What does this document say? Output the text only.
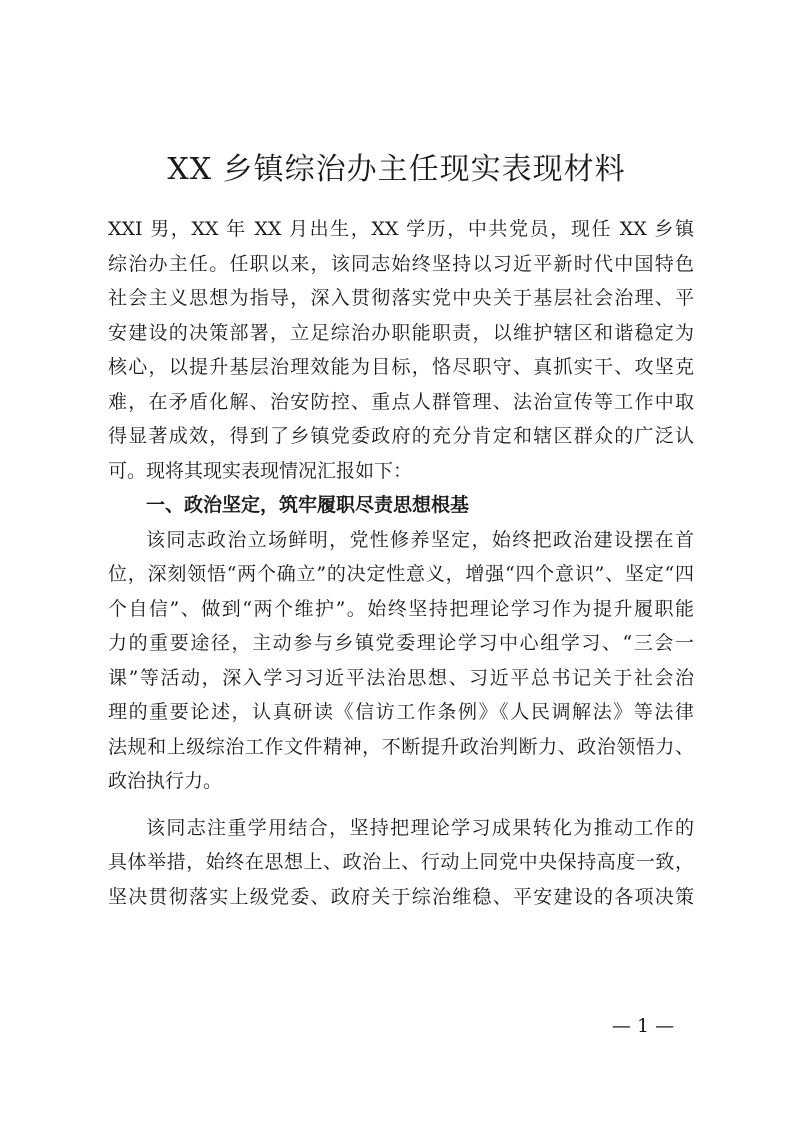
XX 乡镇综治办主任现实表现材料
XXI 男，XX 年 XX 月出生，XX 学历，中共党员，现任 XX 乡镇
综治办主任。任职以来，该同志始终坚持以习近平新时代中国特色
社会主义思想为指导，深入贯彻落实党中央关于基层社会治理、平
安建设的决策部署，立足综治办职能职责，以维护辖区和谐稳定为
核心，以提升基层治理效能为目标，恪尽职守、真抓实干、攻坚克
难，在矛盾化解、治安防控、重点人群管理、法治宣传等工作中取
得显著成效，得到了乡镇党委政府的充分肯定和辖区群众的广泛认
可。现将其现实表现情况汇报如下：
一、政治坚定，筑牢履职尽责思想根基
该同志政治立场鲜明，党性修养坚定，始终把政治建设摆在首
位，深刻领悟“两个确立”的决定性意义，增强“四个意识”、坚定“四
个自信”、做到“两个维护”。始终坚持把理论学习作为提升履职能
力的重要途径，主动参与乡镇党委理论学习中心组学习、“三会一
课”等活动，深入学习习近平法治思想、习近平总书记关于社会治
理的重要论述，认真研读《信访工作条例》《人民调解法》等法律
法规和上级综治工作文件精神，不断提升政治判断力、政治领悟力、
政治执行力。
该同志注重学用结合，坚持把理论学习成果转化为推动工作的
具体举措，始终在思想上、政治上、行动上同党中央保持高度一致，
坚决贯彻落实上级党委、政府关于综治维稳、平安建设的各项决策
— 1 —
